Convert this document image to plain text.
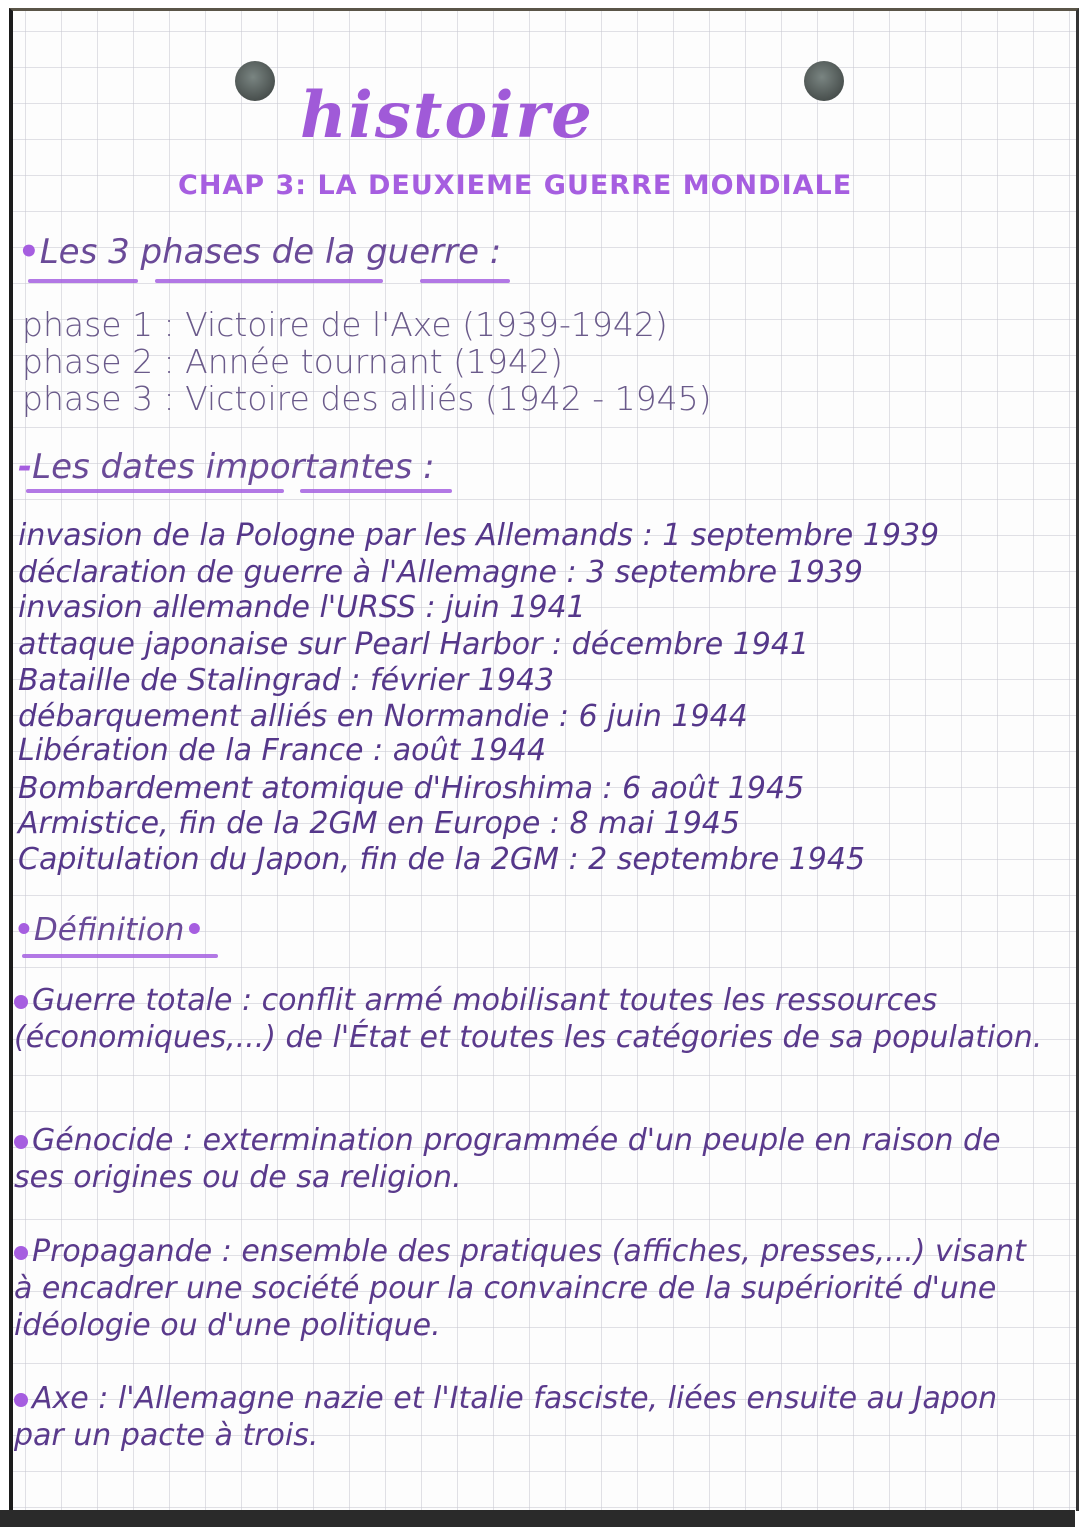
histoire
CHAP 3: LA DEUXIEME GUERRE MONDIALE
•Les 3 phases de la guerre :
phase 1 : Victoire de l'Axe (1939-1942)
phase 2 : Année tournant (1942)
phase 3 : Victoire des alliés (1942 - 1945)
-Les dates importantes :
invasion de la Pologne par les Allemands : 1 septembre 1939
déclaration de guerre à l'Allemagne : 3 septembre 1939
invasion allemande l'URSS : juin 1941
attaque japonaise sur Pearl Harbor : décembre 1941
Bataille de Stalingrad : février 1943
débarquement alliés en Normandie : 6 juin 1944
Libération de la France : août 1944
Bombardement atomique d'Hiroshima : 6 août 1945
Armistice, fin de la 2GM en Europe : 8 mai 1945
Capitulation du Japon, fin de la 2GM : 2 septembre 1945
•Définition•
Guerre totale : conflit armé mobilisant toutes les ressources (économiques,...) de l'État et toutes les catégories de sa population.
Génocide : extermination programmée d'un peuple en raison de ses origines ou de sa religion.
Propagande : ensemble des pratiques (affiches, presses,...) visant à encadrer une société pour la convaincre de la supériorité d'une idéologie ou d'une politique.
Axe : l'Allemagne nazie et l'Italie fasciste, liées ensuite au Japon par un pacte à trois.
